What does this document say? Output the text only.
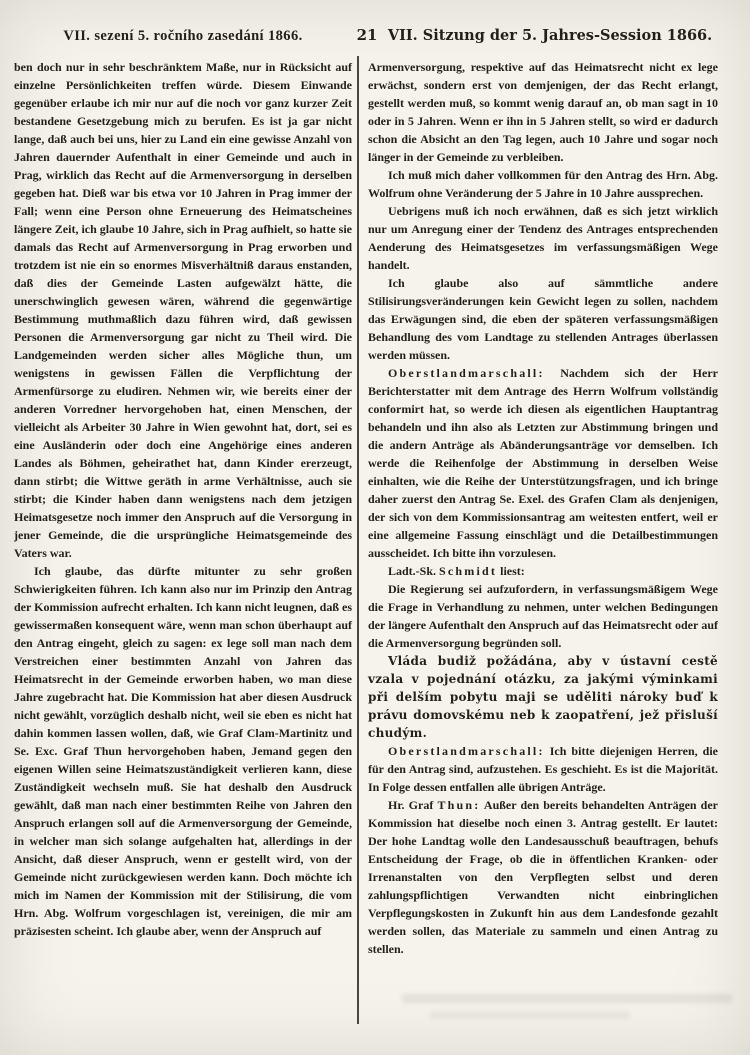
VII. sezení 5. ročního zasedání 1866.	21 VII. Sitzung der 5. Jahres-Session 1866.

ben doch nur in sehr beschränktem Maße, nur in Rücksicht auf einzelne Persönlichkeiten treffen würde. Diesem Einwande gegenüber erlaube ich mir nur auf die noch vor ganz kurzer Zeit bestandene Gesetzgebung mich zu berufen. Es ist ja gar nicht lange, daß auch bei uns, hier zu Land ein eine gewisse Anzahl von Jahren dauernder Aufenthalt in einer Gemeinde und auch in Prag, wirklich das Recht auf die Armenversorgung in derselben gegeben hat. Dieß war bis etwa vor 10 Jahren in Prag immer der Fall; wenn eine Person ohne Erneuerung des Heimatscheines längere Zeit, ich glaube 10 Jahre, sich in Prag aufhielt, so hatte sie damals das Recht auf Armenversorgung in Prag erworben und trotzdem ist nie ein so enormes Misverhältniß daraus enstanden, daß dies der Gemeinde Lasten aufgewälzt hätte, die unerschwinglich gewesen wären, während die gegenwärtige Bestimmung muthmaßlich dazu führen wird, daß gewissen Personen die Armenversorgung gar nicht zu Theil wird. Die Landgemeinden werden sicher alles Mögliche thun, um wenigstens in gewissen Fällen die Verpflichtung der Armenfürsorge zu eludiren. Nehmen wir, wie bereits einer der anderen Vorredner hervorgehoben hat, einen Menschen, der vielleicht als Arbeiter 30 Jahre in Wien gewohnt hat, dort, sei es eine Ausländerin oder doch eine Angehörige eines anderen Landes als Böhmen, geheirathet hat, dann Kinder ererzeugt, dann stirbt; die Wittwe geräth in arme Verhältnisse, auch sie stirbt; die Kinder haben dann wenigstens nach dem jetzigen Heimatsgesetze noch immer den Anspruch auf die Versorgung in jener Gemeinde, die die ursprüngliche Heimatsgemeinde des Vaters war.

Ich glaube, das dürfte mitunter zu sehr großen Schwierigkeiten führen. Ich kann also nur im Prinzip den Antrag der Kommission aufrecht erhalten. Ich kann nicht leugnen, daß es gewissermaßen konsequent wäre, wenn man schon überhaupt auf den Antrag eingeht, gleich zu sagen: ex lege soll man nach dem Verstreichen einer bestimmten Anzahl von Jahren das Heimatsrecht in der Gemeinde erworben haben, wo man diese Jahre zugebracht hat. Die Kommission hat aber diesen Ausdruck nicht gewählt, vorzüglich deshalb nicht, weil sie eben es nicht hat dahin kommen lassen wollen, daß, wie Graf Clam-Martinitz und Se. Exc. Graf Thun hervorgehoben haben, Jemand gegen den eigenen Willen seine Heimatszuständigkeit verlieren kann, diese Zuständigkeit wechseln muß. Sie hat deshalb den Ausdruck gewählt, daß man nach einer bestimmten Reihe von Jahren den Anspruch erlangen soll auf die Armenversorgung der Gemeinde, in welcher man sich solange aufgehalten hat, allerdings in der Ansicht, daß dieser Anspruch, wenn er gestellt wird, von der Gemeinde nicht zurückgewiesen werden kann. Doch möchte ich mich im Namen der Kommission mit der Stilisirung, die vom Hrn. Abg. Wolfrum vorgeschlagen ist, vereinigen, die mir am präzisesten scheint. Ich glaube aber, wenn der Anspruch auf

Armenversorgung, respektive auf das Heimatsrecht nicht ex lege erwächst, sondern erst von demjenigen, der das Recht erlangt, gestellt werden muß, so kommt wenig darauf an, ob man sagt in 10 oder in 5 Jahren. Wenn er ihn in 5 Jahren stellt, so wird er dadurch schon die Absicht an den Tag legen, auch 10 Jahre und sogar noch länger in der Gemeinde zu verbleiben.

Ich muß mich daher vollkommen für den Antrag des Hrn. Abg. Wolfrum ohne Veränderung der 5 Jahre in 10 Jahre aussprechen.

Uebrigens muß ich noch erwähnen, daß es sich jetzt wirklich nur um Anregung einer der Tendenz des Antrages entsprechenden Aenderung des Heimatsgesetzes im verfassungsmäßigen Wege handelt.

Ich glaube also auf sämmtliche andere Stilisirungsveränderungen kein Gewicht legen zu sollen, nachdem das Erwägungen sind, die eben der späteren verfassungsmäßigen Behandlung des vom Landtage zu stellenden Antrages überlassen werden müssen.

Oberstlandmarschall: Nachdem sich der Herr Berichterstatter mit dem Antrage des Herrn Wolfrum vollständig conformirt hat, so werde ich diesen als eigentlichen Hauptantrag behandeln und ihn also als Letzten zur Abstimmung bringen und die andern Anträge als Abänderungsanträge vor demselben. Ich werde die Reihenfolge der Abstimmung in derselben Weise einhalten, wie die Reihe der Unterstützungsfragen, und ich bringe daher zuerst den Antrag Se. Exel. des Grafen Clam als denjenigen, der sich von dem Kommissionsantrag am weitesten entfert, weil er eine allgemeine Fassung einschlägt und die Detailbestimmungen ausscheidet. Ich bitte ihn vorzulesen.

Ladt.-Sk. Schmidt liest:

Die Regierung sei aufzufordern, in verfassungsmäßigem Wege die Frage in Verhandlung zu nehmen, unter welchen Bedingungen der längere Aufenthalt den Anspruch auf das Heimatsrecht oder auf die Armenversorgung begründen soll.

Vláda budiž požádána, aby v ústavní cestě vzala v pojednání otázku, za jakými výminkami při delším pobytu maji se uděliti nároky buď k právu domovskému neb k zaopatření, jež přisluší chudým.

Oberstlandmarschall: Ich bitte diejenigen Herren, die für den Antrag sind, aufzustehen. Es geschieht. Es ist die Majorität. In Folge dessen entfallen alle übrigen Anträge.

Hr. Graf Thun: Außer den bereits behandelten Anträgen der Kommission hat dieselbe noch einen 3. Antrag gestellt. Er lautet: Der hohe Landtag wolle den Landesausschuß beauftragen, behufs Entscheidung der Frage, ob die in öffentlichen Kranken- oder Irrenanstalten von den Verpflegten selbst und deren zahlungspflichtigen Verwandten nicht einbringlichen Verpflegungskosten in Zukunft hin aus dem Landesfonde gezahlt werden sollen, das Materiale zu sammeln und einen Antrag zu stellen.
